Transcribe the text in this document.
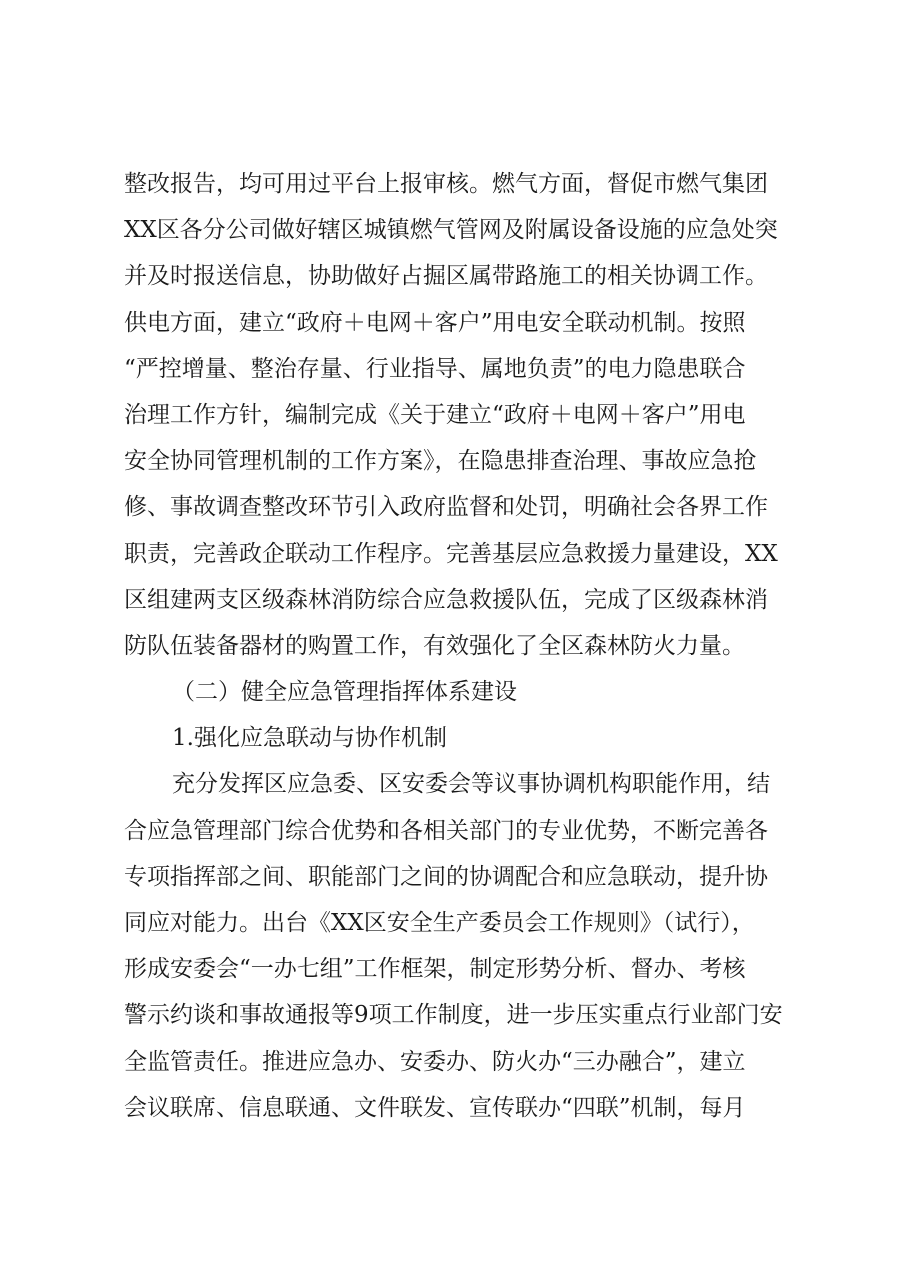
整改报告，均可用过平台上报审核。燃气方面，督促市燃气集团
XX区各分公司做好辖区城镇燃气管网及附属设备设施的应急处突
并及时报送信息，协助做好占掘区属带路施工的相关协调工作。
供电方面，建立“政府＋电网＋客户”用电安全联动机制。按照
“严控增量、整治存量、行业指导、属地负责”的电力隐患联合
治理工作方针，编制完成《关于建立“政府＋电网＋客户”用电
安全协同管理机制的工作方案》，在隐患排查治理、事故应急抢
修、事故调查整改环节引入政府监督和处罚，明确社会各界工作
职责，完善政企联动工作程序。完善基层应急救援力量建设，XX
区组建两支区级森林消防综合应急救援队伍，完成了区级森林消
防队伍装备器材的购置工作，有效强化了全区森林防火力量。
（二）健全应急管理指挥体系建设
1.强化应急联动与协作机制
充分发挥区应急委、区安委会等议事协调机构职能作用，结
合应急管理部门综合优势和各相关部门的专业优势，不断完善各
专项指挥部之间、职能部门之间的协调配合和应急联动，提升协
同应对能力。出台《XX区安全生产委员会工作规则》（试行），
形成安委会“一办七组”工作框架，制定形势分析、督办、考核
警示约谈和事故通报等9项工作制度，进一步压实重点行业部门安
全监管责任。推进应急办、安委办、防火办“三办融合”，建立
会议联席、信息联通、文件联发、宣传联办“四联”机制，每月
